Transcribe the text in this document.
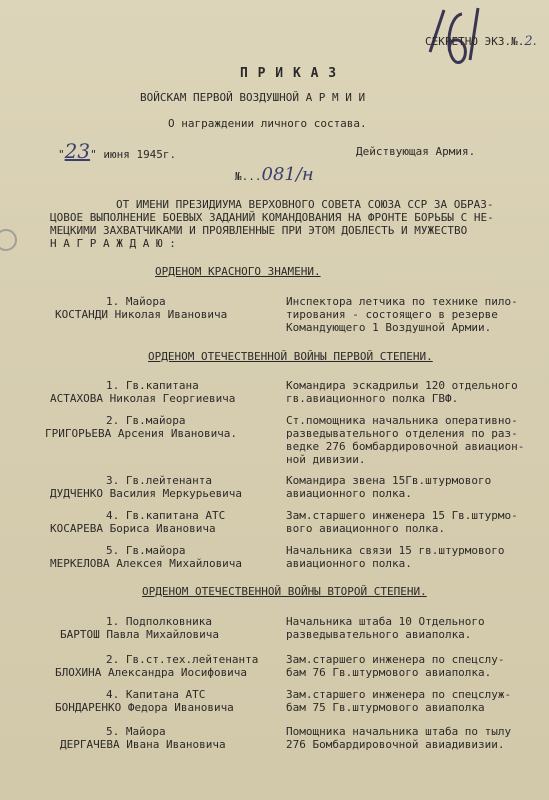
СЕКРЕТНО ЭКЗ.№.2.
П Р И К А З
ВОЙСКАМ ПЕРВОЙ ВОЗДУШНОЙ А Р М И И
О награждении личного состава.
"23" июня 1945г.	Действующая Армия.
№...081/н
ОТ ИМЕНИ ПРЕЗИДИУМА ВЕРХОВНОГО СОВЕТА СОЮЗА ССР ЗА ОБРАЗ-
ЦОВОЕ ВЫПОЛНЕНИЕ БОЕВЫХ ЗАДАНИЙ КОМАНДОВАНИЯ НА ФРОНТЕ БОРЬБЫ С НЕ-
МЕЦКИМИ ЗАХВАТЧИКАМИ И ПРОЯВЛЕННЫЕ ПРИ ЭТОМ ДОБЛЕСТЬ И МУЖЕСТВО
Н А Г Р А Ж Д А Ю :
ОРДЕНОМ КРАСНОГО ЗНАМЕНИ.
1. Майора
КОСТАНДИ Николая Ивановича
Инспектора летчика по технике пило-
тирования - состоящего в резерве
Командующего 1 Воздушной Армии.
ОРДЕНОМ ОТЕЧЕСТВЕННОЙ ВОЙНЫ ПЕРВОЙ СТЕПЕНИ.
1. Гв.капитана
АСТАХОВА Николая Георгиевича
Командира эскадрильи 120 отдельного
гв.авиационного полка ГВФ.
2. Гв.майора
ГРИГОРЬЕВА Арсения Ивановича.
Ст.помощника начальника оперативно-
разведывательного отделения по раз-
ведке 276 бомбардировочной авиацион-
ной дивизии.
3. Гв.лейтенанта
ДУДЧЕНКО Василия Меркурьевича
Командира звена 15Гв.штурмового
авиационного полка.
4. Гв.капитана АТС
КОСАРЕВА Бориса Ивановича
Зам.старшего инженера 15 Гв.штурмо-
вого авиационного полка.
5. Гв.майора
МЕРКЕЛОВА Алексея Михайловича
Начальника связи 15 гв.штурмового
авиационного полка.
ОРДЕНОМ ОТЕЧЕСТВЕННОЙ ВОЙНЫ ВТОРОЙ СТЕПЕНИ.
1. Подполковника
БАРТОШ Павла Михайловича
Начальника штаба 10 Отдельного
разведывательного авиаполка.
2. Гв.ст.тех.лейтенанта
БЛОХИНА Александра Иосифовича
Зам.старшего инженера по спецслу-
бам 76 Гв.штурмового авиаполка.
4. Капитана АТС
БОНДАРЕНКО Федора Ивановича
Зам.старшего инженера по спецслуж-
бам 75 Гв.штурмового авиаполка
5. Майора
ДЕРГАЧЕВА Ивана Ивановича
Помощника начальника штаба по тылу
276 Бомбардировочной авиадивизии.
